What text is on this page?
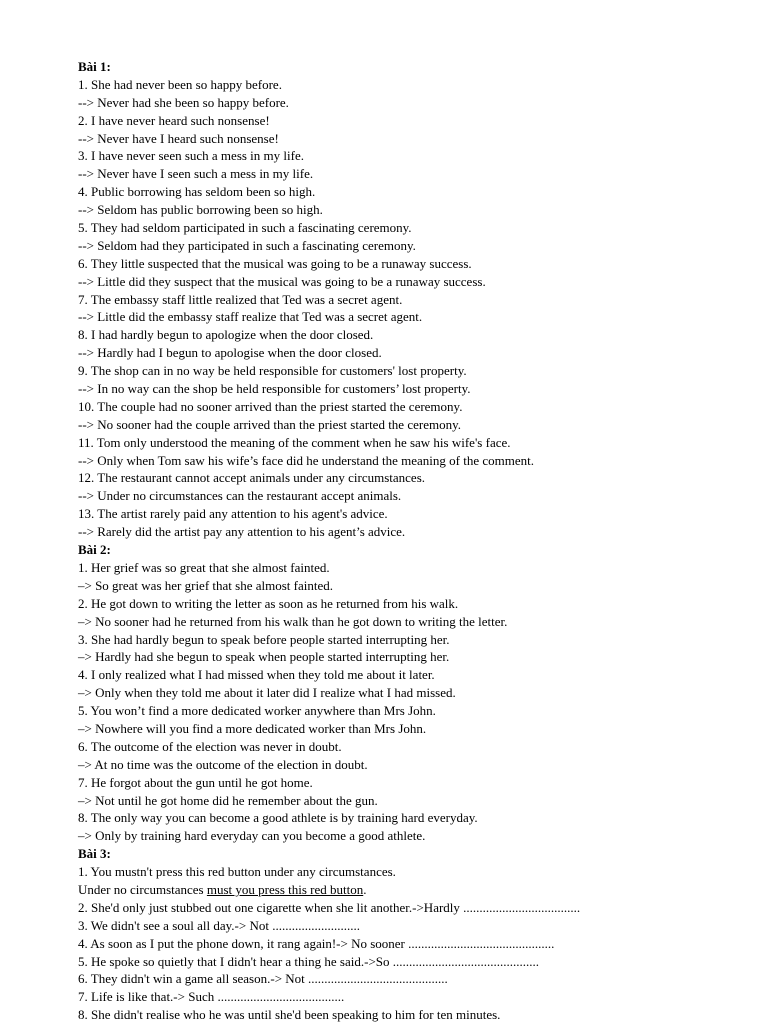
Bài 1:
1. She had never been so happy before.
--> Never had she been so happy before.
2. I have never heard such nonsense!
--> Never have I heard such nonsense!
3. I have never seen such a mess in my life.
--> Never have I seen such a mess in my life.
4. Public borrowing has seldom been so high.
--> Seldom has public borrowing been so high.
5. They had seldom participated in such a fascinating ceremony.
--> Seldom had they participated in such a fascinating ceremony.
6. They little suspected that the musical was going to be a runaway success.
--> Little did they suspect that the musical was going to be a runaway success.
7. The embassy staff little realized that Ted was a secret agent.
--> Little did the embassy staff realize that Ted was a secret agent.
8. I had hardly begun to apologize when the door closed.
--> Hardly had I begun to apologise when the door closed.
9. The shop can in no way be held responsible for customers' lost property.
--> In no way can the shop be held responsible for customers’ lost property.
10. The couple had no sooner arrived than the priest started the ceremony.
--> No sooner had the couple arrived than the priest started the ceremony.
11. Tom only understood the meaning of the comment when he saw his wife's face.
--> Only when Tom saw his wife’s face did he understand the meaning of the comment.
12. The restaurant cannot accept animals under any circumstances.
--> Under no circumstances can the restaurant accept animals.
13. The artist rarely paid any attention to his agent's advice.
--> Rarely did the artist pay any attention to his agent’s advice.
Bài 2:
1. Her grief was so great that she almost fainted.
–> So great was her grief that she almost fainted.
2. He got down to writing the letter as soon as he returned from his walk.
–> No sooner had he returned from his walk than he got down to writing the letter.
3. She had hardly begun to speak before people started interrupting her.
–> Hardly had she begun to speak when people started interrupting her.
4. I only realized what I had missed when they told me about it later.
–> Only when they told me about it later did I realize what I had missed.
5. You won’t find a more dedicated worker anywhere than Mrs John.
–> Nowhere will you find a more dedicated worker than Mrs John.
6. The outcome of the election was never in doubt.
–> At no time was the outcome of the election in doubt.
7. He forgot about the gun until he got home.
–> Not until he got home did he remember about the gun.
8. The only way you can become a good athlete is by training hard everyday.
–> Only by training hard everyday can you become a good athlete.
Bài 3:
1. You mustn't press this red button under any circumstances.
Under no circumstances must you press this red button.
2. She'd only just stubbed out one cigarette when she lit another.->Hardly ....................................
3. We didn't see a soul all day.-> Not ...........................
4. As soon as I put the phone down, it rang again!-> No sooner .............................................
5. He spoke so quietly that I didn't hear a thing he said.->So .............................................
6. They didn't win a game all season.-> Not ...........................................
7. Life is like that.-> Such .......................................
8. She didn't realise who he was until she'd been speaking to him for ten minutes.
